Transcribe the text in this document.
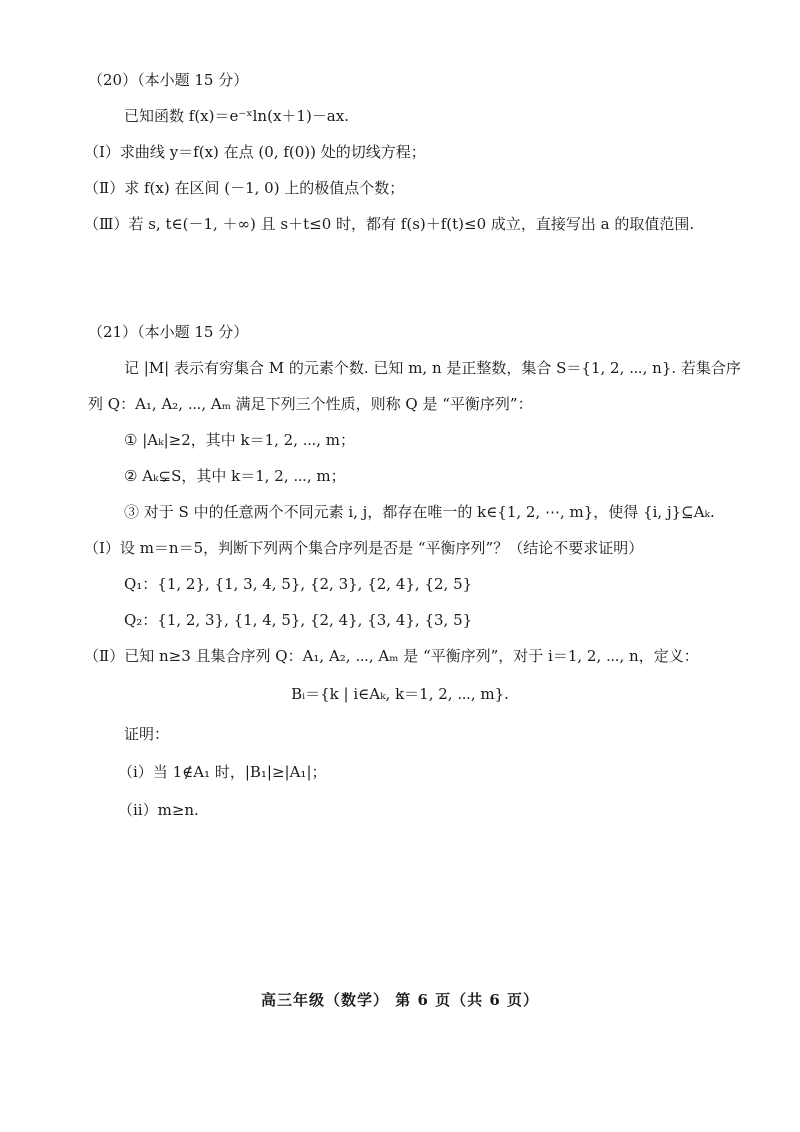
（20）（本小题 15 分）
已知函数 f(x)＝e⁻ˣln(x＋1)－ax.
（Ⅰ）求曲线 y＝f(x) 在点 (0, f(0)) 处的切线方程；
（Ⅱ）求 f(x) 在区间 (－1, 0) 上的极值点个数；
（Ⅲ）若 s, t∈(－1, ＋∞) 且 s＋t≤0 时，都有 f(s)＋f(t)≤0 成立，直接写出 a 的取值范围.
（21）（本小题 15 分）
记 |M| 表示有穷集合 M 的元素个数. 已知 m, n 是正整数，集合 S＝{1, 2, ⋯, n}. 若集合序
列 Q：A₁, A₂, ⋯, Aₘ 满足下列三个性质，则称 Q 是 “平衡序列”：
① |Aₖ|≥2，其中 k＝1, 2, ⋯, m；
② Aₖ⊊S，其中 k＝1, 2, ⋯, m；
③ 对于 S 中的任意两个不同元素 i, j，都存在唯一的 k∈{1, 2, ⋯, m}，使得 {i, j}⊆Aₖ.
（Ⅰ）设 m＝n＝5，判断下列两个集合序列是否是 “平衡序列”？（结论不要求证明）
Q₁：{1, 2}, {1, 3, 4, 5}, {2, 3}, {2, 4}, {2, 5}
Q₂：{1, 2, 3}, {1, 4, 5}, {2, 4}, {3, 4}, {3, 5}
（Ⅱ）已知 n≥3 且集合序列 Q：A₁, A₂, ⋯, Aₘ 是 “平衡序列”，对于 i＝1, 2, ⋯, n，定义：
Bᵢ＝{k | i∈Aₖ, k＝1, 2, ⋯, m}.
证明：
（i）当 1∉A₁ 时，|B₁|≥|A₁|；
（ii）m≥n.
高三年级（数学） 第 6 页（共 6 页）
